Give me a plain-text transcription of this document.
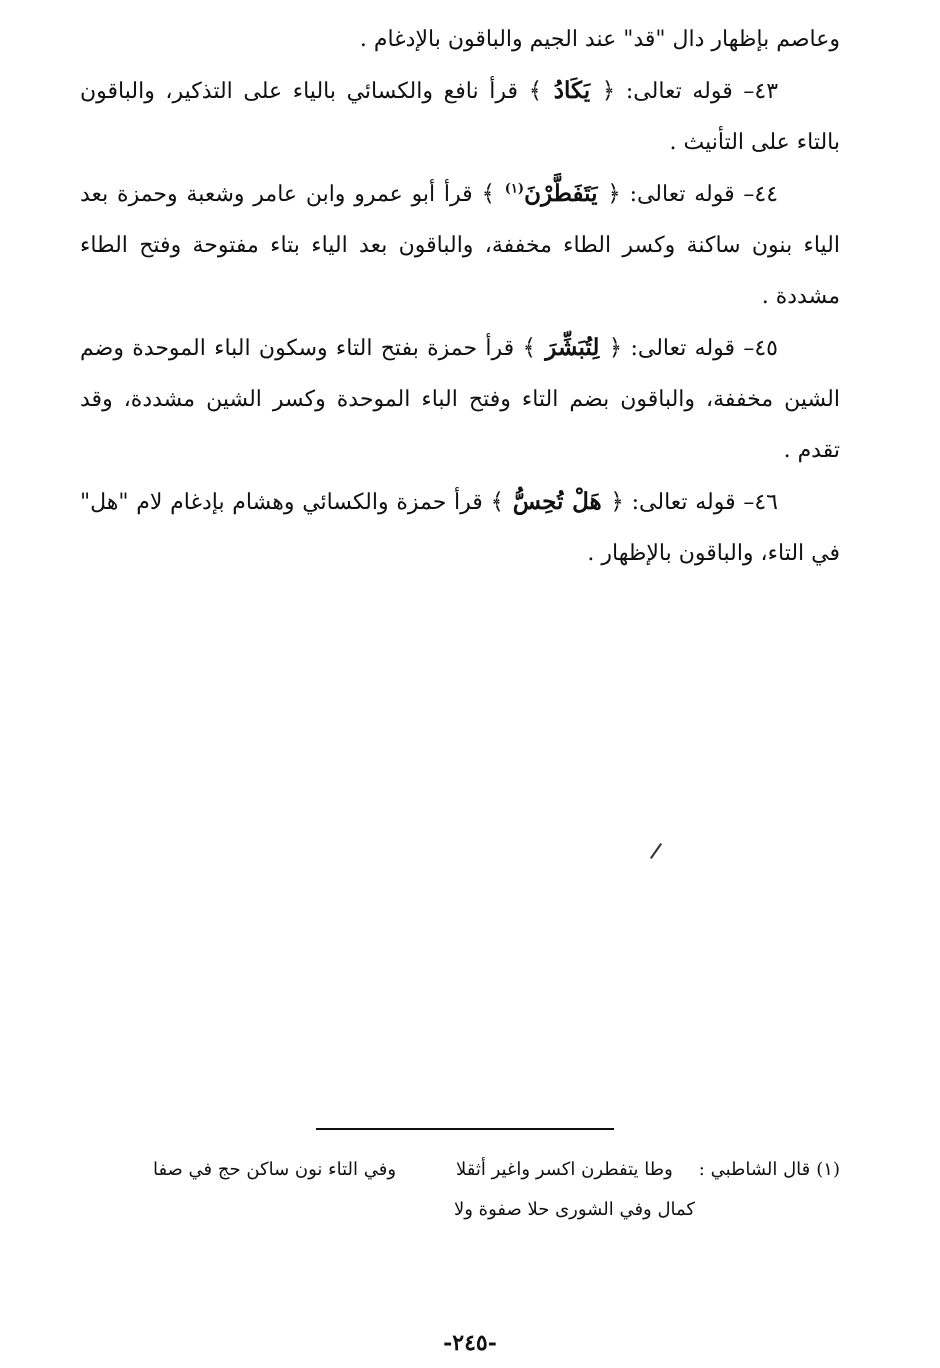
وعاصم بإظهار دال "قد" عند الجيم والباقون بالإدغام .

٤٣– قوله تعالى: ﴿ يَكَادُ ﴾ قرأ نافع والكسائي بالياء على التذكير، والباقون بالتاء على التأنيث .

٤٤– قوله تعالى: ﴿ يَتَفَطَّرْنَ$^{(١)}$ ﴾ قرأ أبو عمرو وابن عامر وشعبة وحمزة بعد الياء بنون ساكنة وكسر الطاء مخففة، والباقون بعد الياء بتاء مفتوحة وفتح الطاء مشددة .

٤٥– قوله تعالى: ﴿ لِتُبَشِّرَ ﴾ قرأ حمزة بفتح التاء وسكون الباء الموحدة وضم الشين مخففة، والباقون بضم التاء وفتح الباء الموحدة وكسر الشين مشددة، وقد تقدم .

٤٦– قوله تعالى: ﴿ هَلْ تُحِسُّ ﴾ قرأ حمزة والكسائي وهشام بإدغام لام "هل" في التاء، والباقون بالإظهار .

(١)
قال الشاطبي :
وطا يتفطرن اكسر واغير أثقلا
وفي التاء نون ساكن حج في صفا
كمال وفي الشورى حلا صفوة ولا
-٢٤٥-
